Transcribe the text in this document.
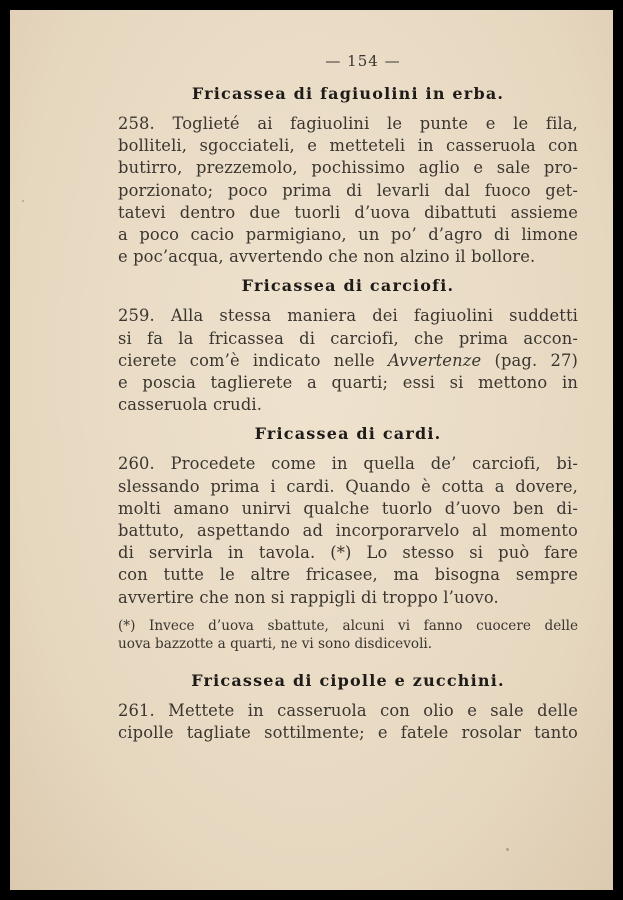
— 154 —
Fricassea di fagiuolini in erba.
258. Toglieté ai fagiuolini le punte e le fila,
bolliteli, sgocciateli, e metteteli in casseruola con
butirro, prezzemolo, pochissimo aglio e sale pro-
porzionato; poco prima di levarli dal fuoco get-
tatevi dentro due tuorli d’uova dibattuti assieme
a poco cacio parmigiano, un po’ d’agro di limone
e poc’acqua, avvertendo che non alzino il bollore.
Fricassea di carciofi.
259. Alla stessa maniera dei fagiuolini suddetti
si fa la fricassea di carciofi, che prima accon-
cierete com’è indicato nelle Avvertenze (pag. 27)
e poscia taglierete a quarti; essi si mettono in
casseruola crudi.
Fricassea di cardi.
260. Procedete come in quella de’ carciofi, bi-
slessando prima i cardi. Quando è cotta a dovere,
molti amano unirvi qualche tuorlo d’uovo ben di-
battuto, aspettando ad incorporarvelo al momento
di servirla in tavola. (*) Lo stesso si può fare
con tutte le altre fricasee, ma bisogna sempre
avvertire che non si rappigli di troppo l’uovo.
(*) Invece d’uova sbattute, alcuni vi fanno cuocere delle
uova bazzotte a quarti, ne vi sono disdicevoli.
Fricassea di cipolle e zucchini.
261. Mettete in casseruola con olio e sale delle
cipolle tagliate sottilmente; e fatele rosolar tanto
